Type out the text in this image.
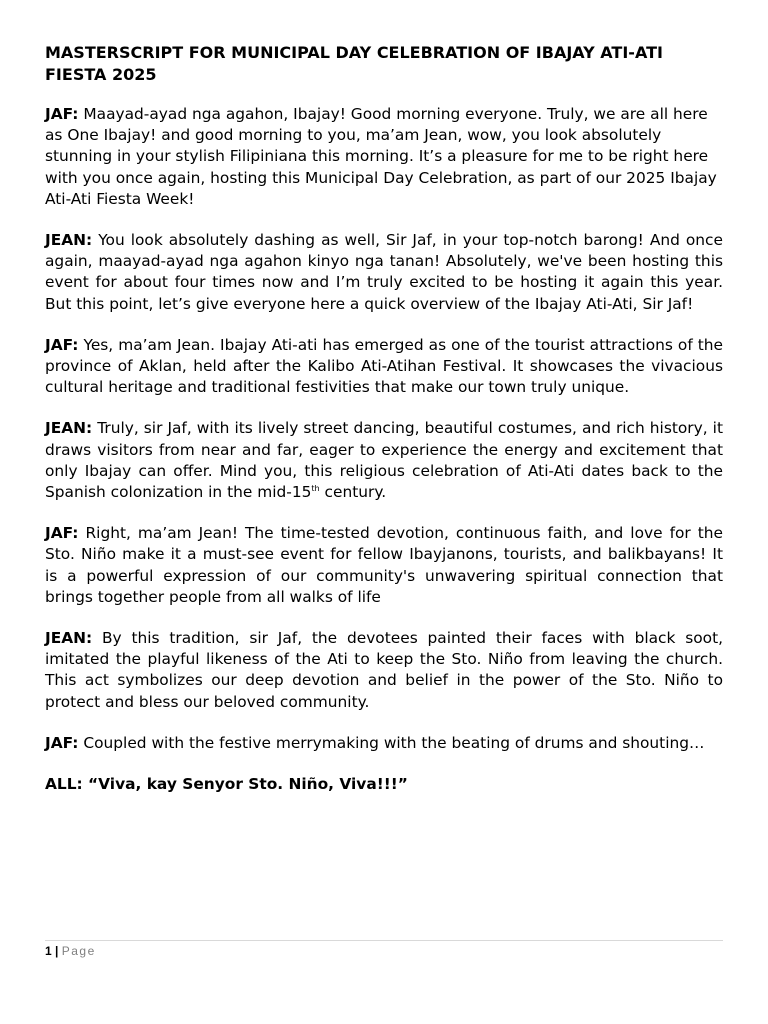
MASTERSCRIPT FOR MUNICIPAL DAY CELEBRATION OF IBAJAY ATI-ATI FIESTA 2025

JAF: Maayad-ayad nga agahon, Ibajay! Good morning everyone. Truly, we are all here as One Ibajay! and good morning to you, ma’am Jean, wow, you look absolutely stunning in your stylish Filipiniana this morning. It’s a pleasure for me to be right here with you once again, hosting this Municipal Day Celebration, as part of our 2025 Ibajay Ati-Ati Fiesta Week!

JEAN: You look absolutely dashing as well, Sir Jaf, in your top-notch barong! And once again, maayad-ayad nga agahon kinyo nga tanan! Absolutely, we've been hosting this event for about four times now and I’m truly excited to be hosting it again this year. But this point, let’s give everyone here a quick overview of the Ibajay Ati-Ati, Sir Jaf!

JAF: Yes, ma’am Jean. Ibajay Ati-ati has emerged as one of the tourist attractions of the province of Aklan, held after the Kalibo Ati-Atihan Festival. It showcases the vivacious cultural heritage and traditional festivities that make our town truly unique.

JEAN: Truly, sir Jaf, with its lively street dancing, beautiful costumes, and rich history, it draws visitors from near and far, eager to experience the energy and excitement that only Ibajay can offer. Mind you, this religious celebration of Ati-Ati dates back to the Spanish colonization in the mid-15th century.

JAF: Right, ma’am Jean! The time-tested devotion, continuous faith, and love for the Sto. Niño make it a must-see event for fellow Ibayjanons, tourists, and balikbayans! It is a powerful expression of our community's unwavering spiritual connection that brings together people from all walks of life

JEAN: By this tradition, sir Jaf, the devotees painted their faces with black soot, imitated the playful likeness of the Ati to keep the Sto. Niño from leaving the church. This act symbolizes our deep devotion and belief in the power of the Sto. Niño to protect and bless our beloved community.

JAF: Coupled with the festive merrymaking with the beating of drums and shouting…

ALL: “Viva, kay Senyor Sto. Niño, Viva!!!”

1 | Page
